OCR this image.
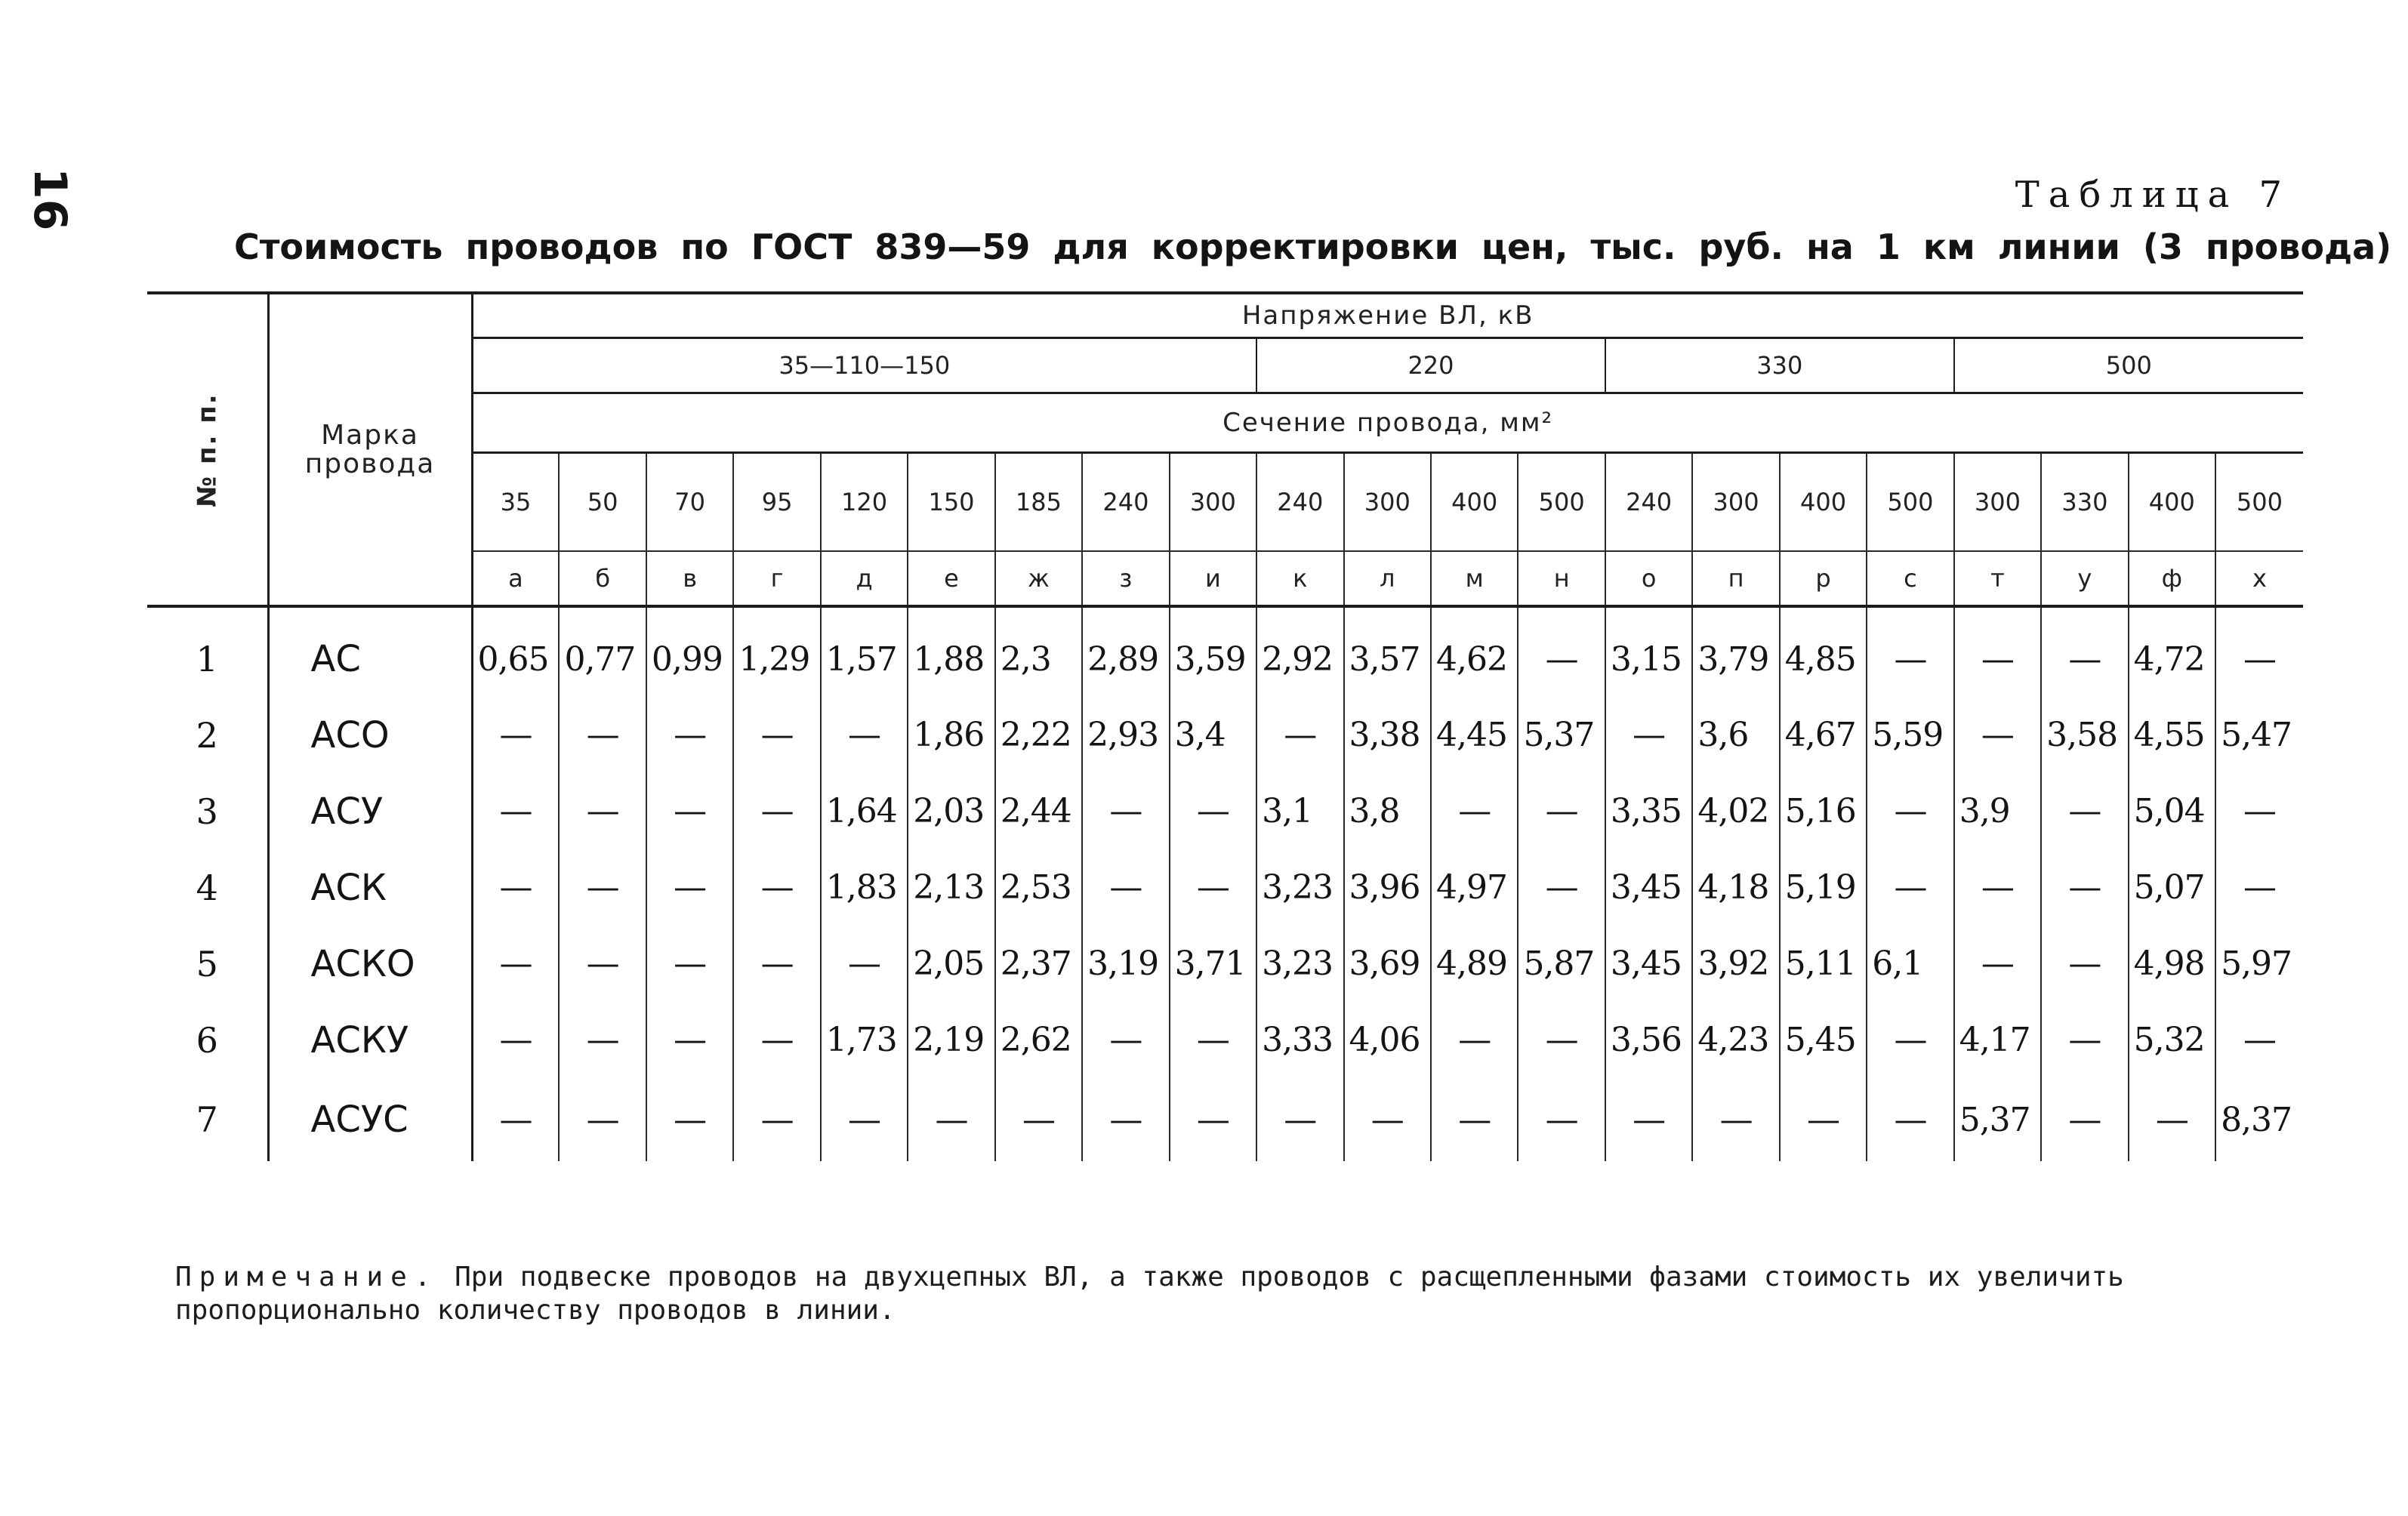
16	Таблица 7
Стоимость проводов по ГОСТ 839—59 для корректировки цен, тыс. руб. на 1 км линии (3 провода)
№ п. п.	Марка провода	Напряжение ВЛ, кВ																				
		35—110—150									220				330				500			
		Сечение провода, мм²																				
		35	50	70	95	120	150	185	240	300	240	300	400	500	240	300	400	500	300	330	400	500
		а	б	в	г	д	е	ж	з	и	к	л	м	н	о	п	р	с	т	у	ф	х
1	АС	0,65	0,77	0,99	1,29	1,57	1,88	2,3	2,89	3,59	2,92	3,57	4,62	—	3,15	3,79	4,85	—	—	—	4,72	—
2	АСО	—	—	—	—	—	1,86	2,22	2,93	3,4	—	3,38	4,45	5,37	—	3,6	4,67	5,59	—	3,58	4,55	5,47
3	АСУ	—	—	—	—	1,64	2,03	2,44	—	—	3,1	3,8	—	—	3,35	4,02	5,16	—	3,9	—	5,04	—
4	АСК	—	—	—	—	1,83	2,13	2,53	—	—	3,23	3,96	4,97	—	3,45	4,18	5,19	—	—	—	5,07	—
5	АСКО	—	—	—	—	—	2,05	2,37	3,19	3,71	3,23	3,69	4,89	5,87	3,45	3,92	5,11	6,1	—	—	4,98	5,97
6	АСКУ	—	—	—	—	1,73	2,19	2,62	—	—	3,33	4,06	—	—	3,56	4,23	5,45	—	4,17	—	5,32	—
7	АСУС	—	—	—	—	—	—	—	—	—	—	—	—	—	—	—	—	—	5,37	—	—	8,37
Примечание. При подвеске проводов на двухцепных ВЛ, а также проводов с расщепленными фазами стоимость их увеличить пропорционально количеству проводов в линии.
